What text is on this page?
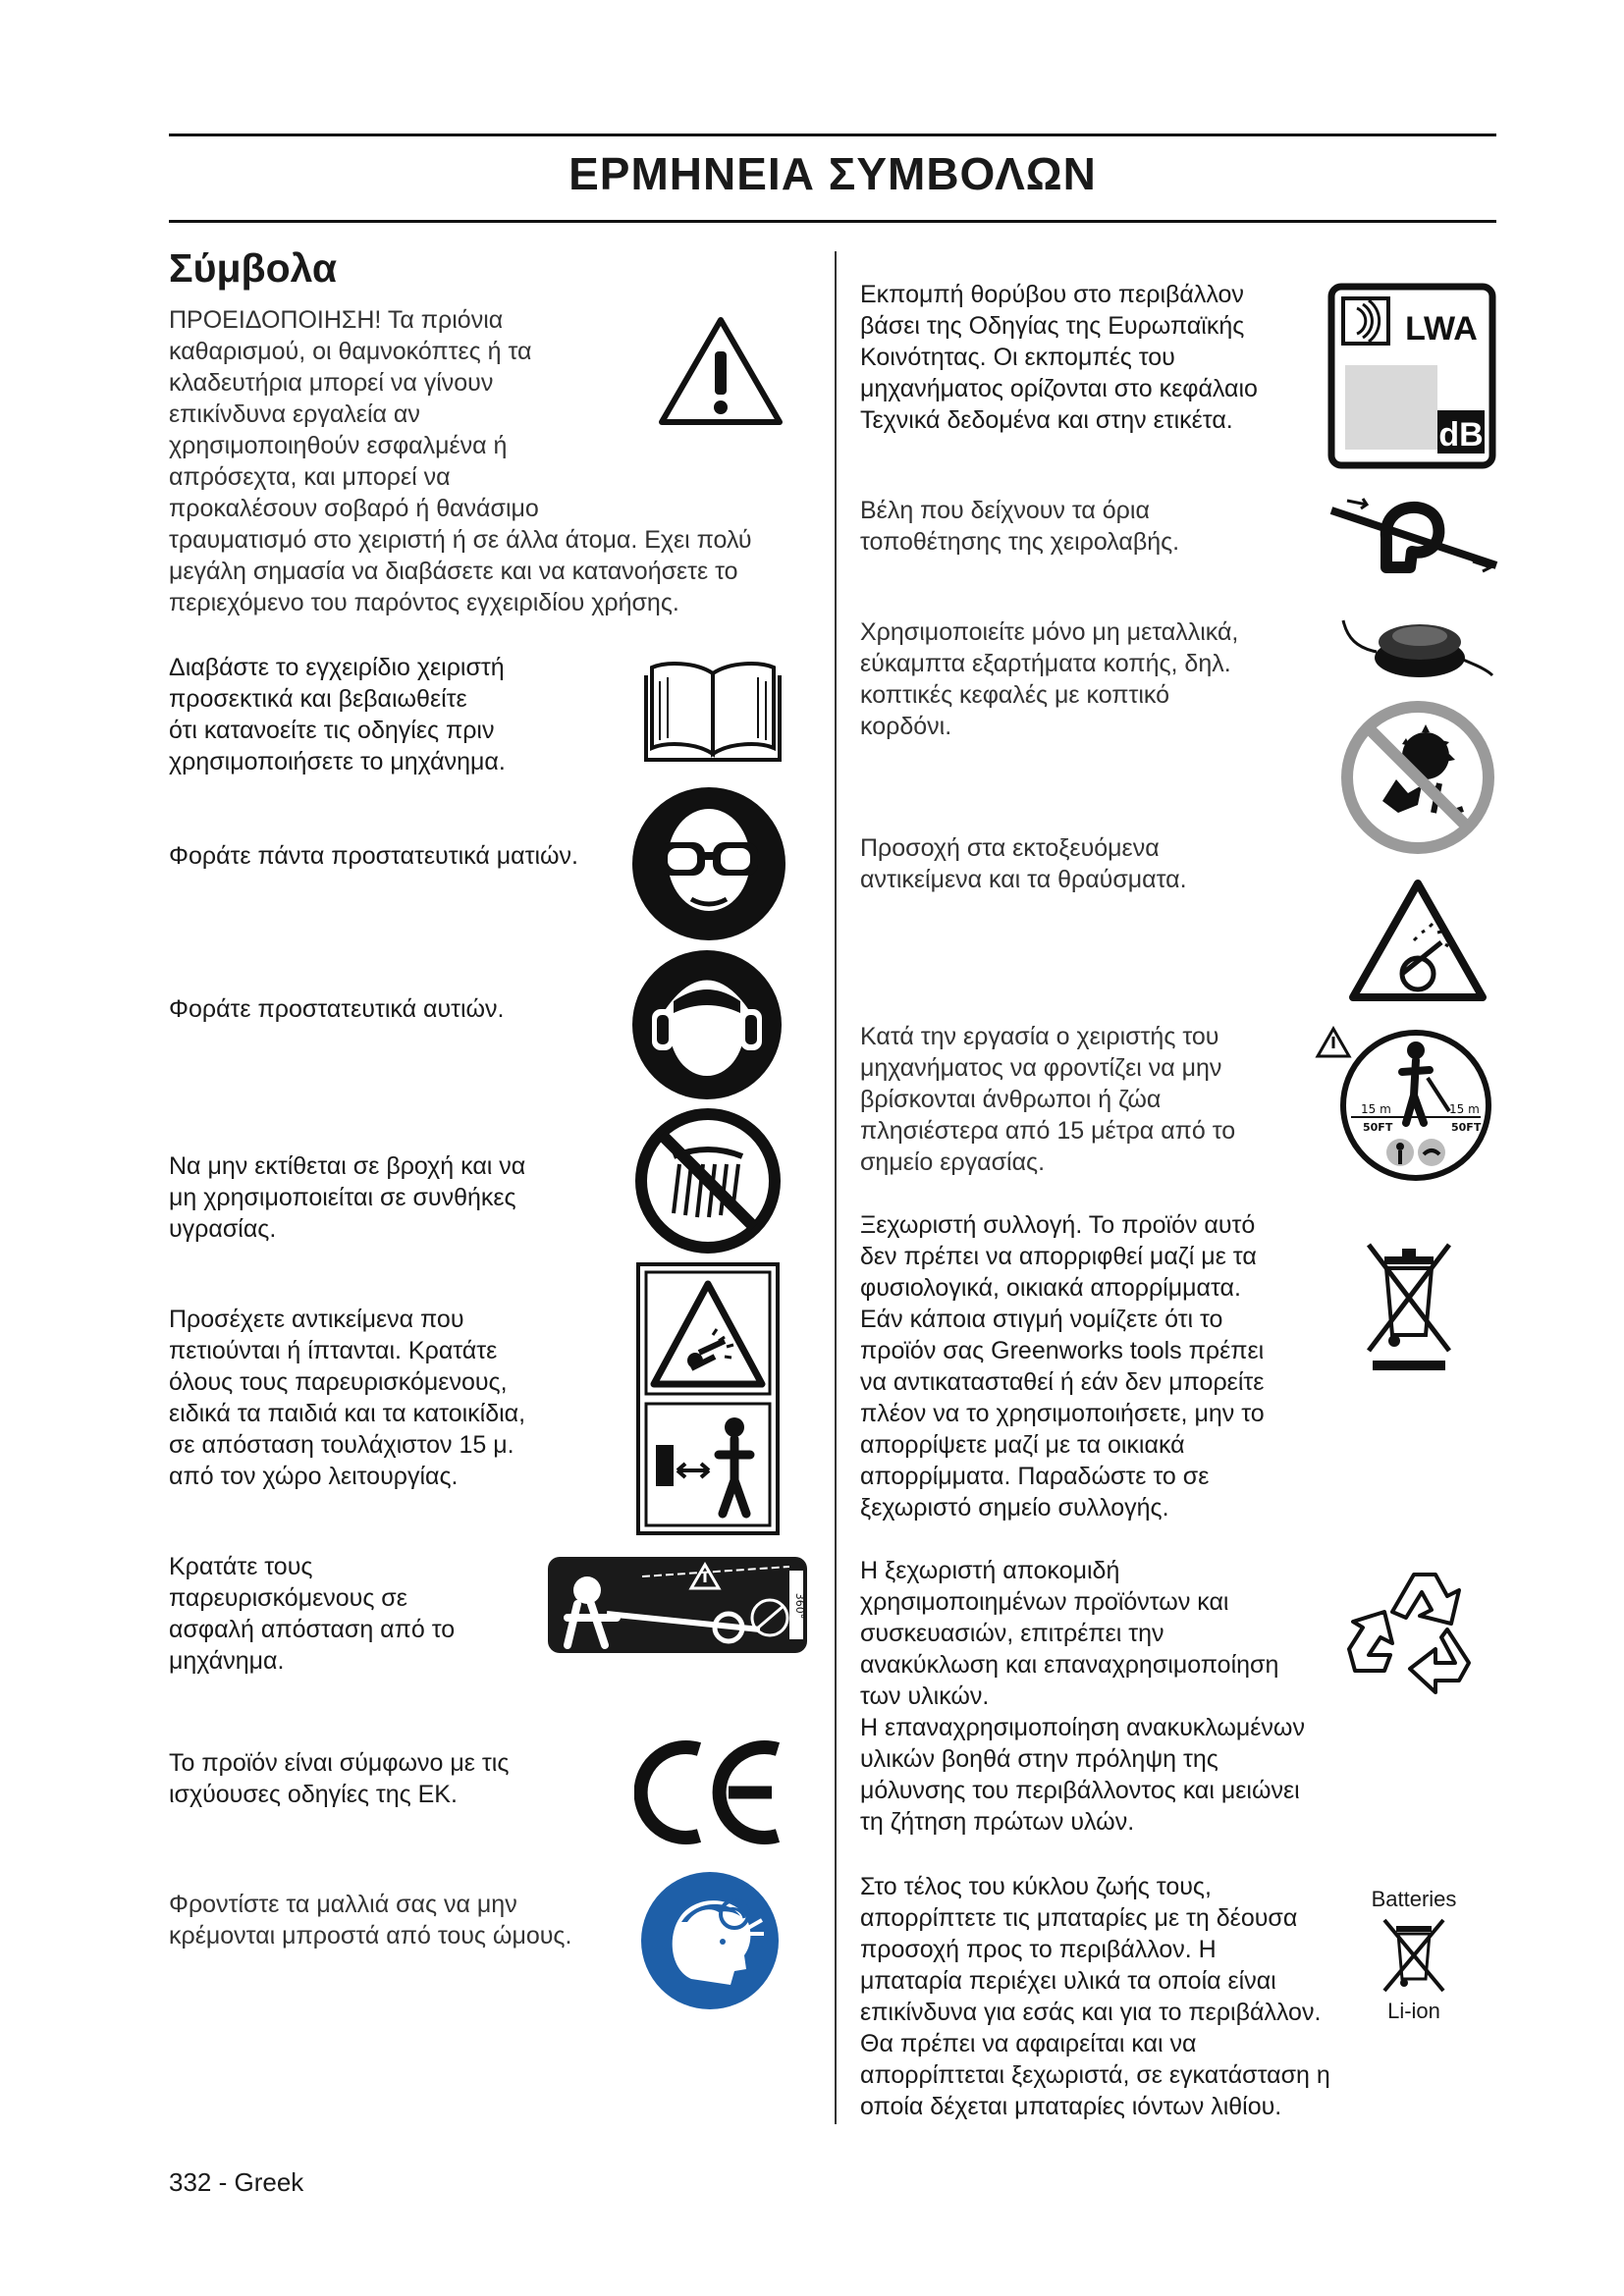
ΕΡΜΗΝΕΙΑ ΣΥΜΒΟΛΩΝ
Σύμβολα

ΠΡΟΕΙΔΟΠΟΙΗΣΗ! Τα πριόνια
καθαρισμού, οι θαμνοκόπτες ή τα
κλαδευτήρια μπορεί να γίνουν
επικίνδυνα εργαλεία αν
χρησιμοποιηθούν εσφαλμένα ή
απρόσεχτα, και μπορεί να
προκαλέσουν σοβαρό ή θανάσιμο
τραυματισμό στο χειριστή ή σε άλλα άτομα. Εχει πολύ
μεγάλη σημασία να διαβάσετε και να κατανοήσετε το
περιεχόμενο του παρόντος εγχειριδίου χρήσης.

Διαβάστε το εγχειρίδιο χειριστή
προσεκτικά και βεβαιωθείτε
ότι κατανοείτε τις οδηγίες πριν
χρησιμοποιήσετε το μηχάνημα.

Φοράτε πάντα προστατευτικά ματιών.

Φοράτε προστατευτικά αυτιών.

Να μην εκτίθεται σε βροχή και να
μη χρησιμοποιείται σε συνθήκες
υγρασίας.

Προσέχετε αντικείμενα που
πετιούνται ή ίπτανται. Κρατάτε
όλους τους παρευρισκόμενους,
ειδικά τα παιδιά και τα κατοικίδια,
σε απόσταση τουλάχιστον 15 μ.
από τον χώρο λειτουργίας.

Κρατάτε τους
παρευρισκόμενους σε
ασφαλή απόσταση από το
μηχάνημα.

360°

Το προϊόν είναι σύμφωνο με τις
ισχύουσες οδηγίες της ΕΚ.

Φροντίστε τα μαλλιά σας να μην
κρέμονται μπροστά από τους ώμους.

Εκπομπή θορύβου στο περιβάλλον
βάσει της Οδηγίας της Ευρωπαϊκής
Κοινότητας. Οι εκπομπές του
μηχανήματος ορίζονται στο κεφάλαιο
Τεχνικά δεδομένα και στην ετικέτα.

LWA
dB

Βέλη που δείχνουν τα όρια
τοποθέτησης της χειρολαβής.

Χρησιμοποιείτε μόνο μη μεταλλικά,
εύκαμπτα εξαρτήματα κοπής, δηλ.
κοπτικές κεφαλές με κοπτικό
κορδόνι.

Προσοχή στα εκτοξευόμενα
αντικείμενα και τα θραύσματα.

Κατά την εργασία ο χειριστής του
μηχανήματος να φροντίζει να μην
βρίσκονται άνθρωποι ή ζώα
πλησιέστερα από 15 μέτρα από το
σημείο εργασίας.

15 m	15 m
50FT	50FT

Ξεχωριστή συλλογή. Το προϊόν αυτό
δεν πρέπει να απορριφθεί μαζί με τα
φυσιολογικά, οικιακά απορρίμματα.
Εάν κάποια στιγμή νομίζετε ότι το
προϊόν σας Greenworks tools πρέπει
να αντικατασταθεί ή εάν δεν μπορείτε
πλέον να το χρησιμοποιήσετε, μην το
απορρίψετε μαζί με τα οικιακά
απορρίμματα. Παραδώστε το σε
ξεχωριστό σημείο συλλογής.

Η ξεχωριστή αποκομιδή
χρησιμοποιημένων προϊόντων και
συσκευασιών, επιτρέπει την
ανακύκλωση και επαναχρησιμοποίηση
των υλικών.
Η επαναχρησιμοποίηση ανακυκλωμένων
υλικών βοηθά στην πρόληψη της
μόλυνσης του περιβάλλοντος και μειώνει
τη ζήτηση πρώτων υλών.

Στο τέλος του κύκλου ζωής τους,
απορρίπτετε τις μπαταρίες με τη δέουσα
προσοχή προς το περιβάλλον. Η
μπαταρία περιέχει υλικά τα οποία είναι
επικίνδυνα για εσάς και για το περιβάλλον.
Θα πρέπει να αφαιρείται και να
απορρίπτεται ξεχωριστά, σε εγκατάσταση η
οποία δέχεται μπαταρίες ιόντων λιθίου.

Batteries
Li-ion
332 - Greek
